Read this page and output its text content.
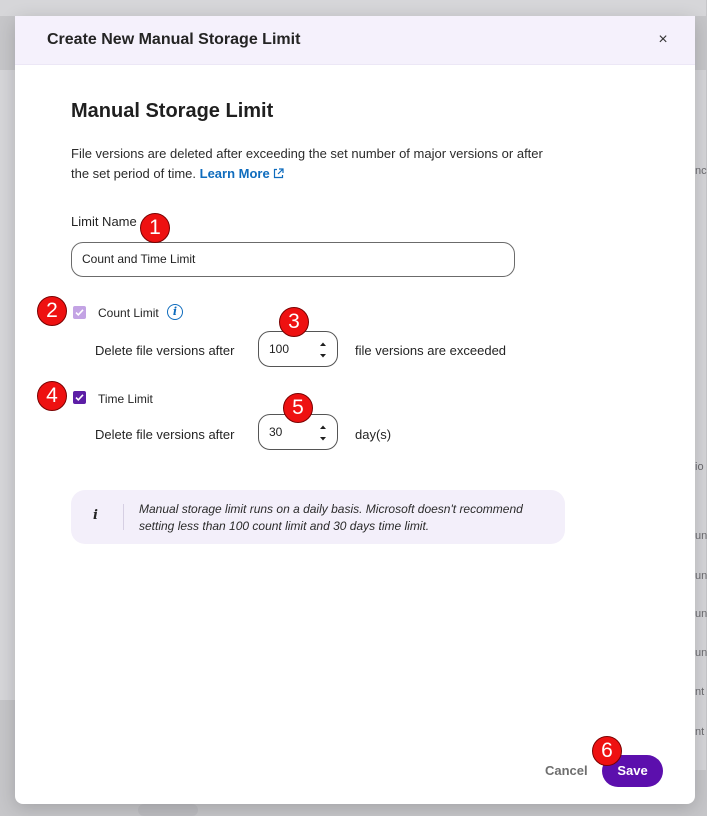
nc
io
un
un
un
un
nt
nt
Create New Manual Storage Limit	×
Manual Storage Limit
File versions are deleted after exceeding the set number of major versions or after the set period of time. Learn More
Limit Name
Count and Time Limit
Count Limit	i
Delete file versions after	100	file versions are exceeded
Time Limit
Delete file versions after	30	day(s)
i	Manual storage limit runs on a daily basis. Microsoft doesn't recommend setting less than 100 count limit and 30 days time limit.
Cancel	Save
1
2	3
4
5
6
